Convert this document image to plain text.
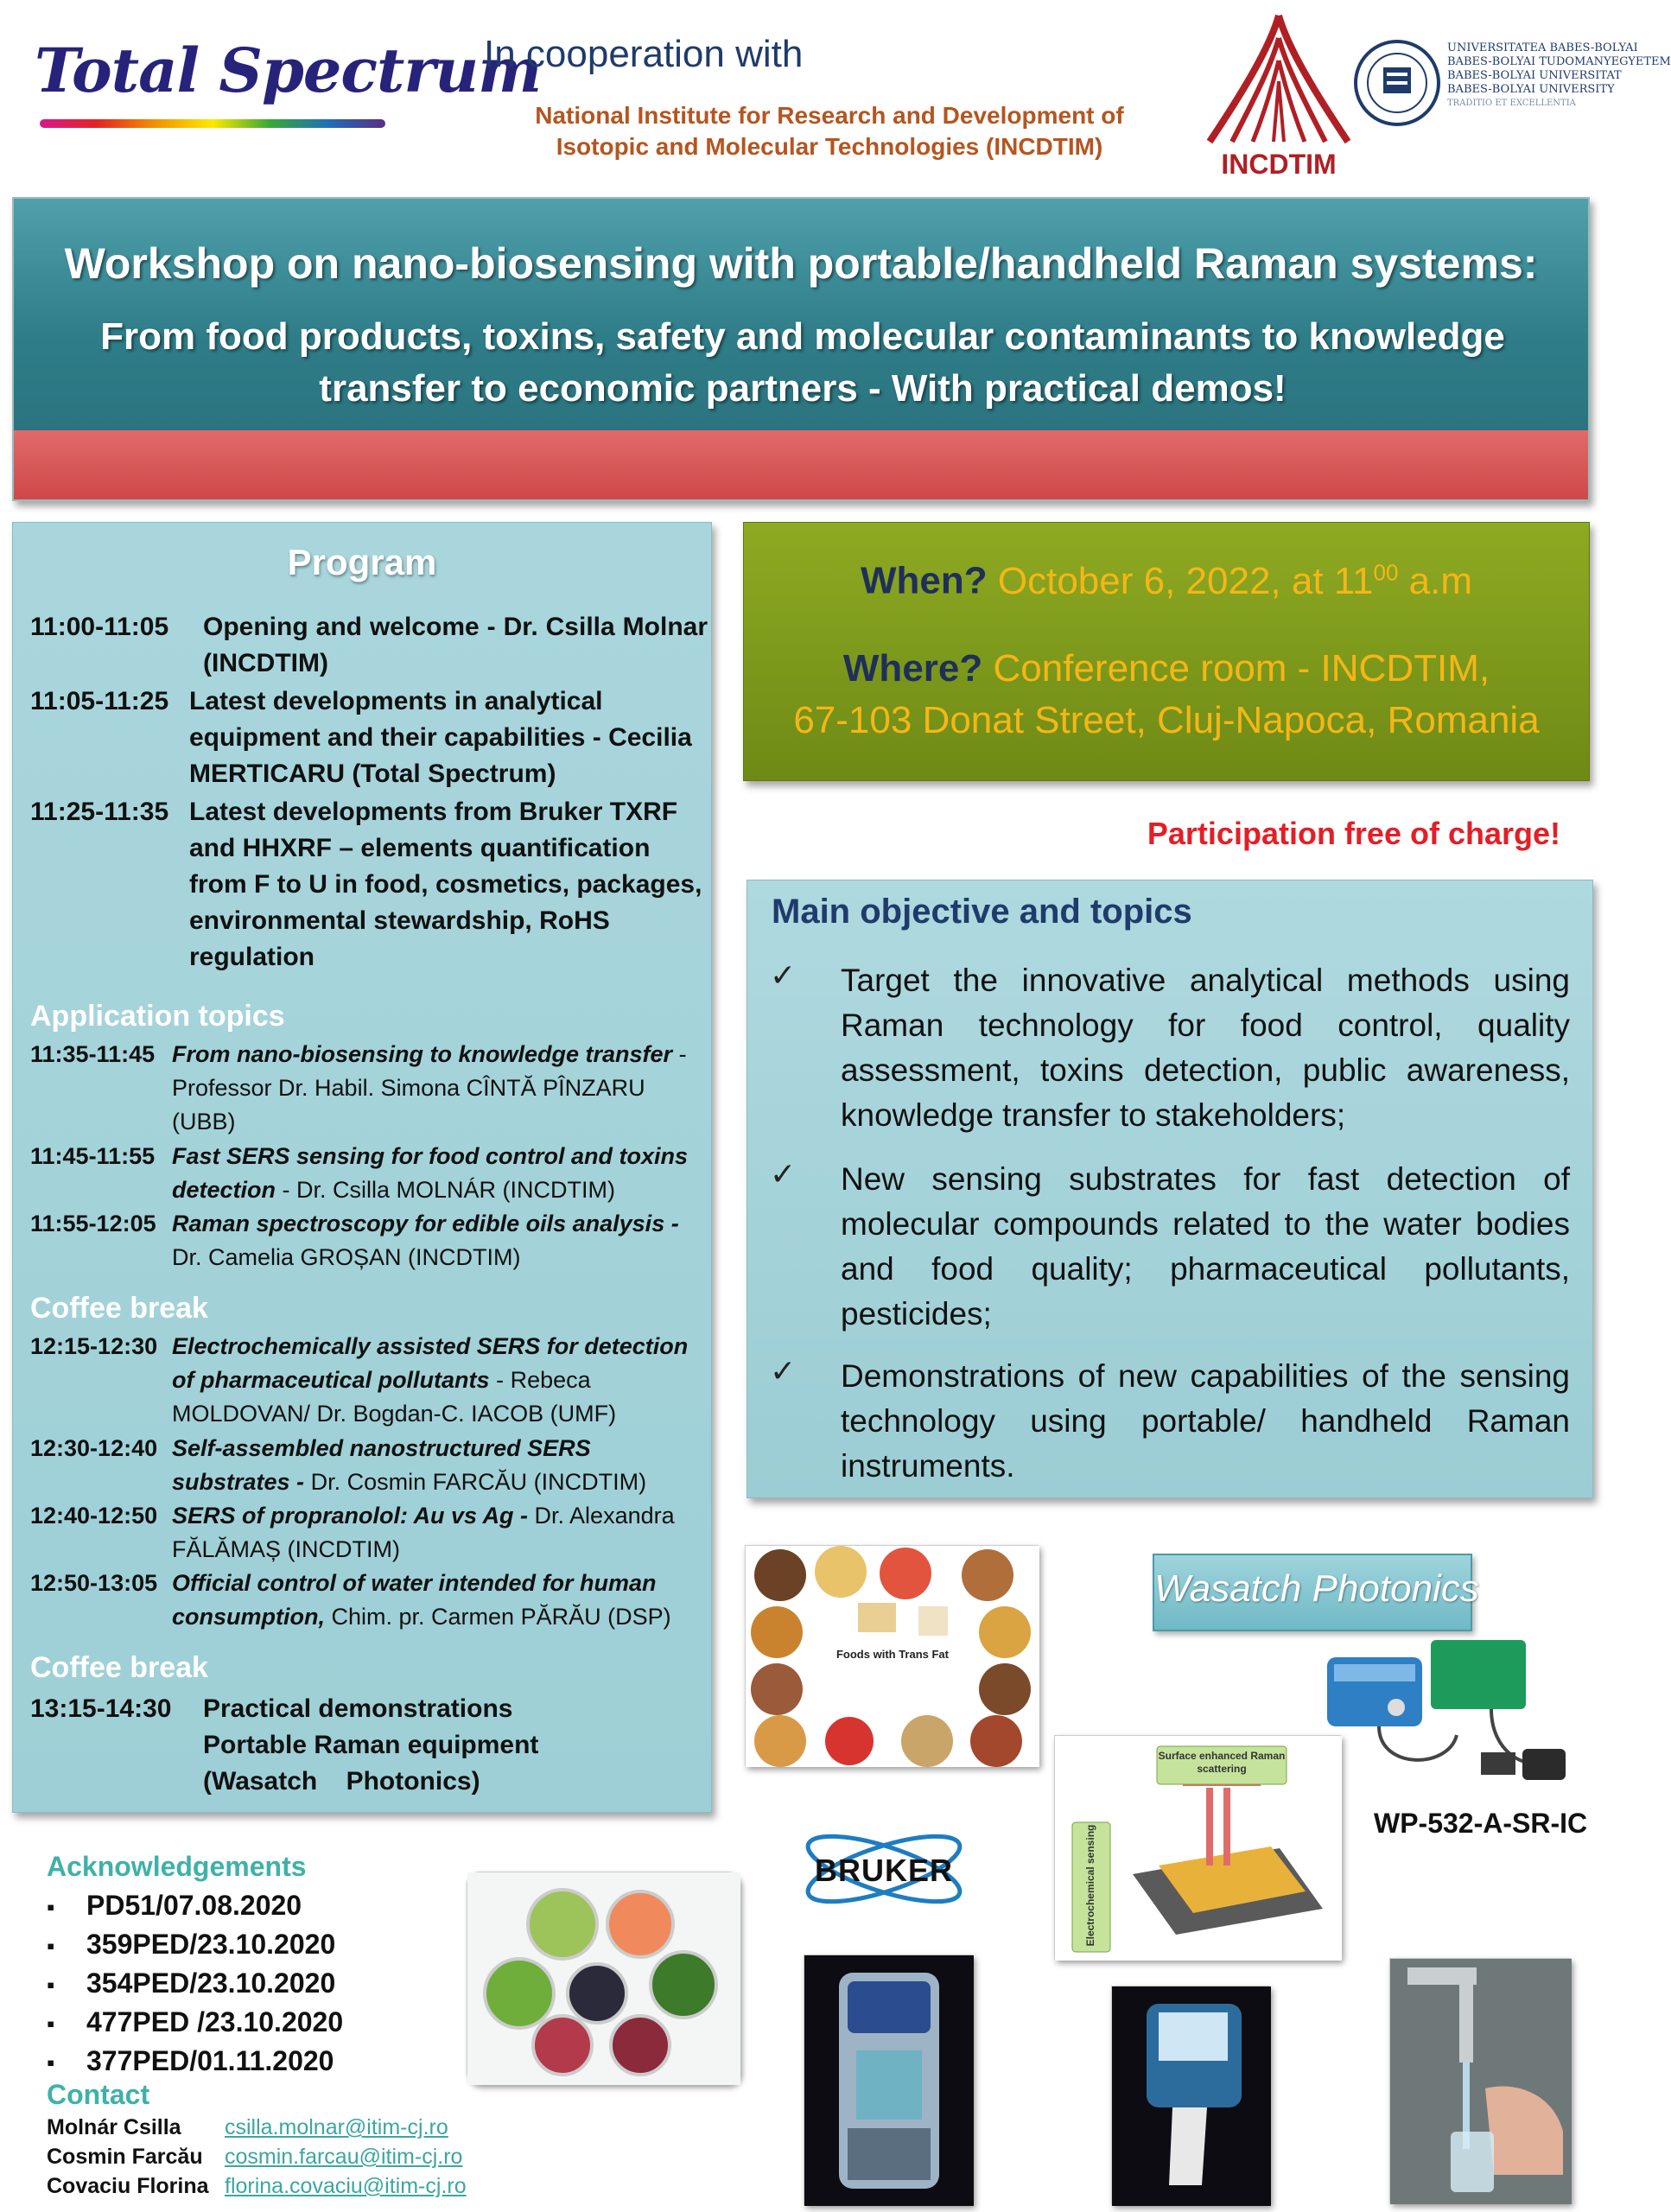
Total Spectrum
In cooperation with
National Institute for Research and Development of
Isotopic and Molecular Technologies (INCDTIM)
INCDTIM
UNIVERSITATEA BABES-BOLYAI
BABES-BOLYAI TUDOMANYEGYETEM
BABES-BOLYAI UNIVERSITAT
BABES-BOLYAI UNIVERSITY
TRADITIO ET EXCELLENTIA
Workshop on nano-biosensing with portable/handheld Raman systems:
From food products, toxins, safety and molecular contaminants to knowledge transfer to economic partners - With practical demos!
Program
11:00-11:05 Opening and welcome - Dr. Csilla Molnar (INCDTIM)
11:05-11:25 Latest developments in analytical equipment and their capabilities - Cecilia MERTICARU (Total Spectrum)
11:25-11:35 Latest developments from Bruker TXRF and HHXRF – elements quantification from F to U in food, cosmetics, packages, environmental stewardship, RoHS regulation
Application topics
11:35-11:45 From nano-biosensing to knowledge transfer - Professor Dr. Habil. Simona CÎNTĂ PÎNZARU (UBB)
11:45-11:55 Fast SERS sensing for food control and toxins detection - Dr. Csilla MOLNÁR (INCDTIM)
11:55-12:05 Raman spectroscopy for edible oils analysis - Dr. Camelia GROȘAN (INCDTIM)
Coffee break
12:15-12:30 Electrochemically assisted SERS for detection of pharmaceutical pollutants - Rebeca MOLDOVAN/ Dr. Bogdan-C. IACOB (UMF)
12:30-12:40 Self-assembled nanostructured SERS substrates - Dr. Cosmin FARCĂU (INCDTIM)
12:40-12:50 SERS of propranolol: Au vs Ag - Dr. Alexandra FĂLĂMAȘ (INCDTIM)
12:50-13:05 Official control of water intended for human consumption, Chim. pr. Carmen PĂRĂU (DSP)
Coffee break
13:15-14:30 Practical demonstrations
Portable Raman equipment
(Wasatch    Photonics)
When? October 6, 2022, at $11^{00}$ a.m
Where? Conference room - INCDTIM,
67-103 Donat Street, Cluj-Napoca, Romania
Participation free of charge!
Main objective and topics
✓ Target the innovative analytical methods using Raman technology for food control, quality assessment, toxins detection, public awareness, knowledge transfer to stakeholders;
✓ New sensing substrates for fast detection of molecular compounds related to the water bodies and food quality; pharmaceutical pollutants, pesticides;
✓ Demonstrations of new capabilities of the sensing technology using portable/ handheld Raman instruments.
Foods with Trans Fat
Wasatch Photonics
WP-532-A-SR-IC
Surface enhanced Raman scattering
Electrochemical sensing
BRUKER
Acknowledgements
▪ PD51/07.08.2020
▪ 359PED/23.10.2020
▪ 354PED/23.10.2020
▪ 477PED /23.10.2020
▪ 377PED/01.11.2020
Contact
Molnár Csilla csilla.molnar@itim-cj.ro
Cosmin Farcău cosmin.farcau@itim-cj.ro
Covaciu Florina florina.covaciu@itim-cj.ro
